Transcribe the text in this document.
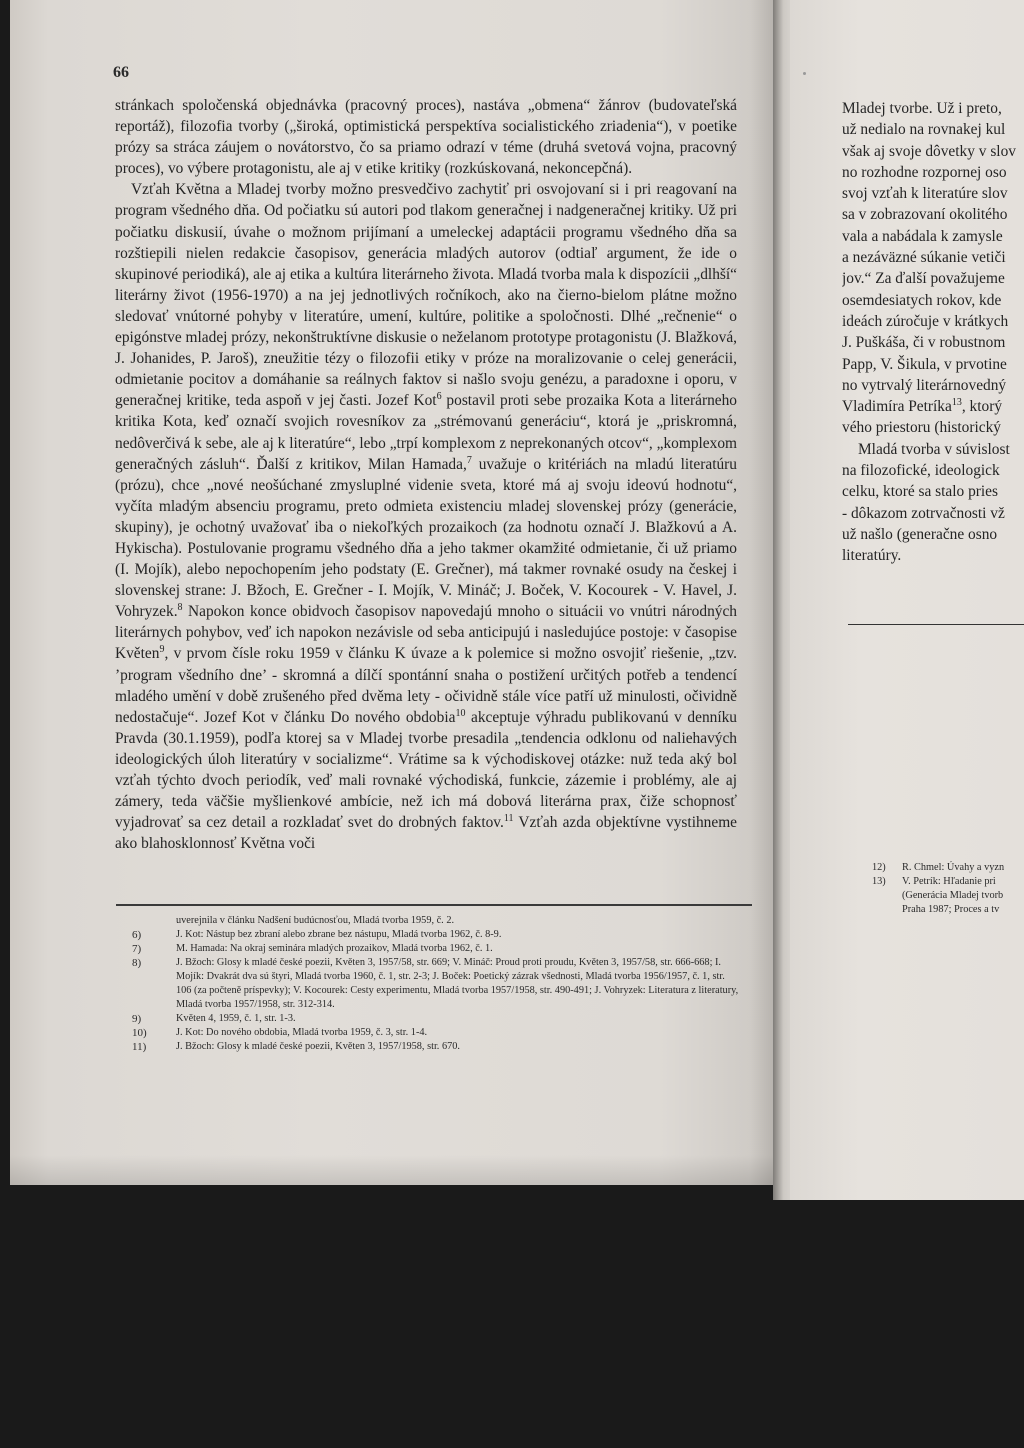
66

stránkach spoločenská objednávka (pracovný proces), nastáva „obmena“ žánrov (budovateľská reportáž), filozofia tvorby („široká, optimistická perspektíva socialistického zriadenia“), v poetike prózy sa stráca záujem o novátorstvo, čo sa priamo odrazí v téme (druhá svetová vojna, pracovný proces), vo výbere protagonistu, ale aj v etike kritiky (rozkúskovaná, nekoncepčná).

Vzťah Května a Mladej tvorby možno presvedčivo zachytiť pri osvojovaní si i pri reagovaní na program všedného dňa. Od počiatku sú autori pod tlakom generačnej i nadgeneračnej kritiky. Už pri počiatku diskusií, úvahe o možnom prijímaní a umeleckej adaptácii programu všedného dňa sa rozštiepili nielen redakcie časopisov, generácia mladých autorov (odtiaľ argument, že ide o skupinové periodiká), ale aj etika a kultúra literárneho života. Mladá tvorba mala k dispozícii „dlhší“ literárny život (1956-1970) a na jej jednotlivých ročníkoch, ako na čierno-bielom plátne možno sledovať vnútorné pohyby v literatúre, umení, kultúre, politike a spoločnosti. Dlhé „rečnenie“ o epigónstve mladej prózy, nekonštruktívne diskusie o neželanom prototype protagonistu (J. Blažková, J. Johanides, P. Jaroš), zneužitie tézy o filozofii etiky v próze na moralizovanie o celej generácii, odmietanie pocitov a domáhanie sa reálnych faktov si našlo svoju genézu, a paradoxne i oporu, v generačnej kritike, teda aspoň v jej časti. Jozef Kot$^6$ postavil proti sebe prozaika Kota a literárneho kritika Kota, keď označí svojich rovesníkov za „strémovanú generáciu“, ktorá je „priskromná, nedôverčivá k sebe, ale aj k literatúre“, lebo „trpí komplexom z neprekonaných otcov“, „komplexom generačných zásluh“. Ďalší z kritikov, Milan Hamada,$^7$ uvažuje o kritériách na mladú literatúru (prózu), chce „nové neošúchané zmysluplné videnie sveta, ktoré má aj svoju ideovú hodnotu“, vyčíta mladým absenciu programu, preto odmieta existenciu mladej slovenskej prózy (generácie, skupiny), je ochotný uvažovať iba o niekoľkých prozaikoch (za hodnotu označí J. Blažkovú a A. Hykischa). Postulovanie programu všedného dňa a jeho takmer okamžité odmietanie, či už priamo (I. Mojík), alebo nepochopením jeho podstaty (E. Grečner), má takmer rovnaké osudy na českej i slovenskej strane: J. Bžoch, E. Grečner - I. Mojík, V. Mináč; J. Boček, V. Kocourek - V. Havel, J. Vohryzek.$^8$ Napokon konce obidvoch časopisov napovedajú mnoho o situácii vo vnútri národných literárnych pohybov, veď ich napokon nezávisle od seba anticipujú i nasledujúce postoje: v časopise Květen$^9$, v prvom čísle roku 1959 v článku K úvaze a k polemice si možno osvojiť riešenie, „tzv. ’program všedního dne’ - skromná a dílčí spontánní snaha o postižení určitých potřeb a tendencí mladého umění v době zrušeného před dvěma lety - očividně stále více patří už minulosti, očividně nedostačuje“. Jozef Kot v článku Do nového obdobia$^{10}$ akceptuje výhradu publikovanú v denníku Pravda (30.1.1959), podľa ktorej sa v Mladej tvorbe presadila „tendencia odklonu od naliehavých ideologických úloh literatúry v socializme“. Vrátime sa k východiskovej otázke: nuž teda aký bol vzťah týchto dvoch periodík, veď mali rovnaké východiská, funkcie, zázemie i problémy, ale aj zámery, teda väčšie myšlienkové ambície, než ich má dobová literárna prax, čiže schopnosť vyjadrovať sa cez detail a rozkladať svet do drobných faktov.$^{11}$ Vzťah azda objektívne vystihneme ako blahosklonnosť Května voči

uverejnila v článku Nadšení budúcnosťou, Mladá tvorba 1959, č. 2.
6)	J. Kot: Nástup bez zbraní alebo zbrane bez nástupu, Mladá tvorba 1962, č. 8-9.
7)	M. Hamada: Na okraj seminára mladých prozaikov, Mladá tvorba 1962, č. 1.
8)	J. Bžoch: Glosy k mladé české poezii, Květen 3, 1957/58, str. 669; V. Mináč: Proud proti proudu, Květen 3, 1957/58, str. 666-668; I. Mojík: Dvakrát dva sú štyri, Mladá tvorba 1960, č. 1, str. 2-3; J. Boček: Poetický zázrak všednosti, Mladá tvorba 1956/1957, č. 1, str. 106 (za počteně príspevky); V. Kocourek: Cesty experimentu, Mladá tvorba 1957/1958, str. 490-491; J. Vohryzek: Literatura z literatury, Mladá tvorba 1957/1958, str. 312-314.
9)	Květen 4, 1959, č. 1, str. 1-3.
10)	J. Kot: Do nového obdobia, Mladá tvorba 1959, č. 3, str. 1-4.
11)	J. Bžoch: Glosy k mladé české poezii, Květen 3, 1957/1958, str. 670.
Mladej tvorbe. Už i preto,
už nedialo na rovnakej kul
však aj svoje dôvetky v slov
no rozhodne rozpornej oso
svoj vzťah k literatúre slov
sa v zobrazovaní okolitého
vala a nabádala k zamysle
a nezáväzné súkanie vetiči
jov.“ Za ďalší považujeme
osemdesiatych rokov, kde
ideách zúročuje v krátkych
J. Puškáša, či v robustnom
Papp, V. Šikula, v prvotine
no vytrvalý literárnovedný
Vladimíra Petríka$^{13}$, ktorý
vého priestoru (historický
Mladá tvorba v súvislost
na filozofické, ideologick
celku, ktoré sa stalo pries
- dôkazom zotrvačnosti vž
už našlo (generačne osno
literatúry.
12) R. Chmel: Úvahy a vyzn
13) V. Petrík: Hľadanie pri
(Generácia Mladej tvorb
Praha 1987; Proces a tv
